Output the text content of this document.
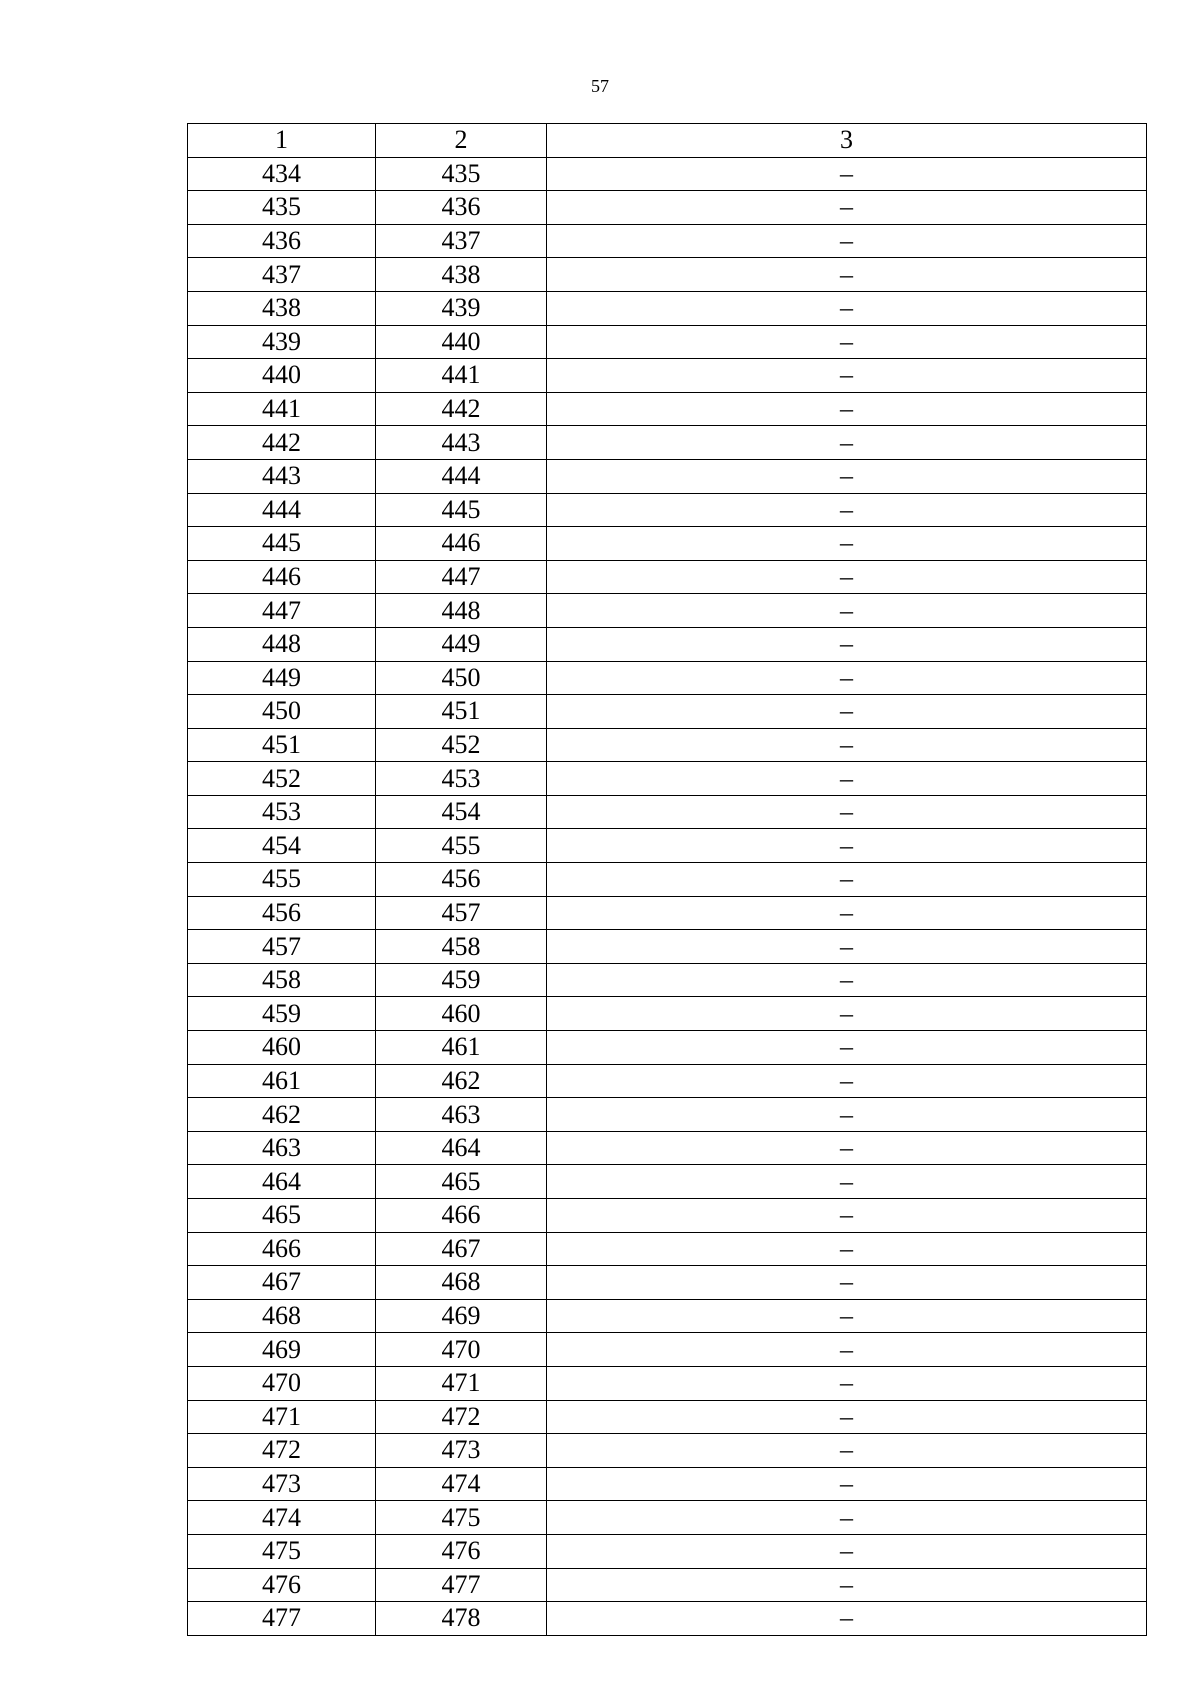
57
1	2	3
434	435	–
435	436	–
436	437	–
437	438	–
438	439	–
439	440	–
440	441	–
441	442	–
442	443	–
443	444	–
444	445	–
445	446	–
446	447	–
447	448	–
448	449	–
449	450	–
450	451	–
451	452	–
452	453	–
453	454	–
454	455	–
455	456	–
456	457	–
457	458	–
458	459	–
459	460	–
460	461	–
461	462	–
462	463	–
463	464	–
464	465	–
465	466	–
466	467	–
467	468	–
468	469	–
469	470	–
470	471	–
471	472	–
472	473	–
473	474	–
474	475	–
475	476	–
476	477	–
477	478	–
